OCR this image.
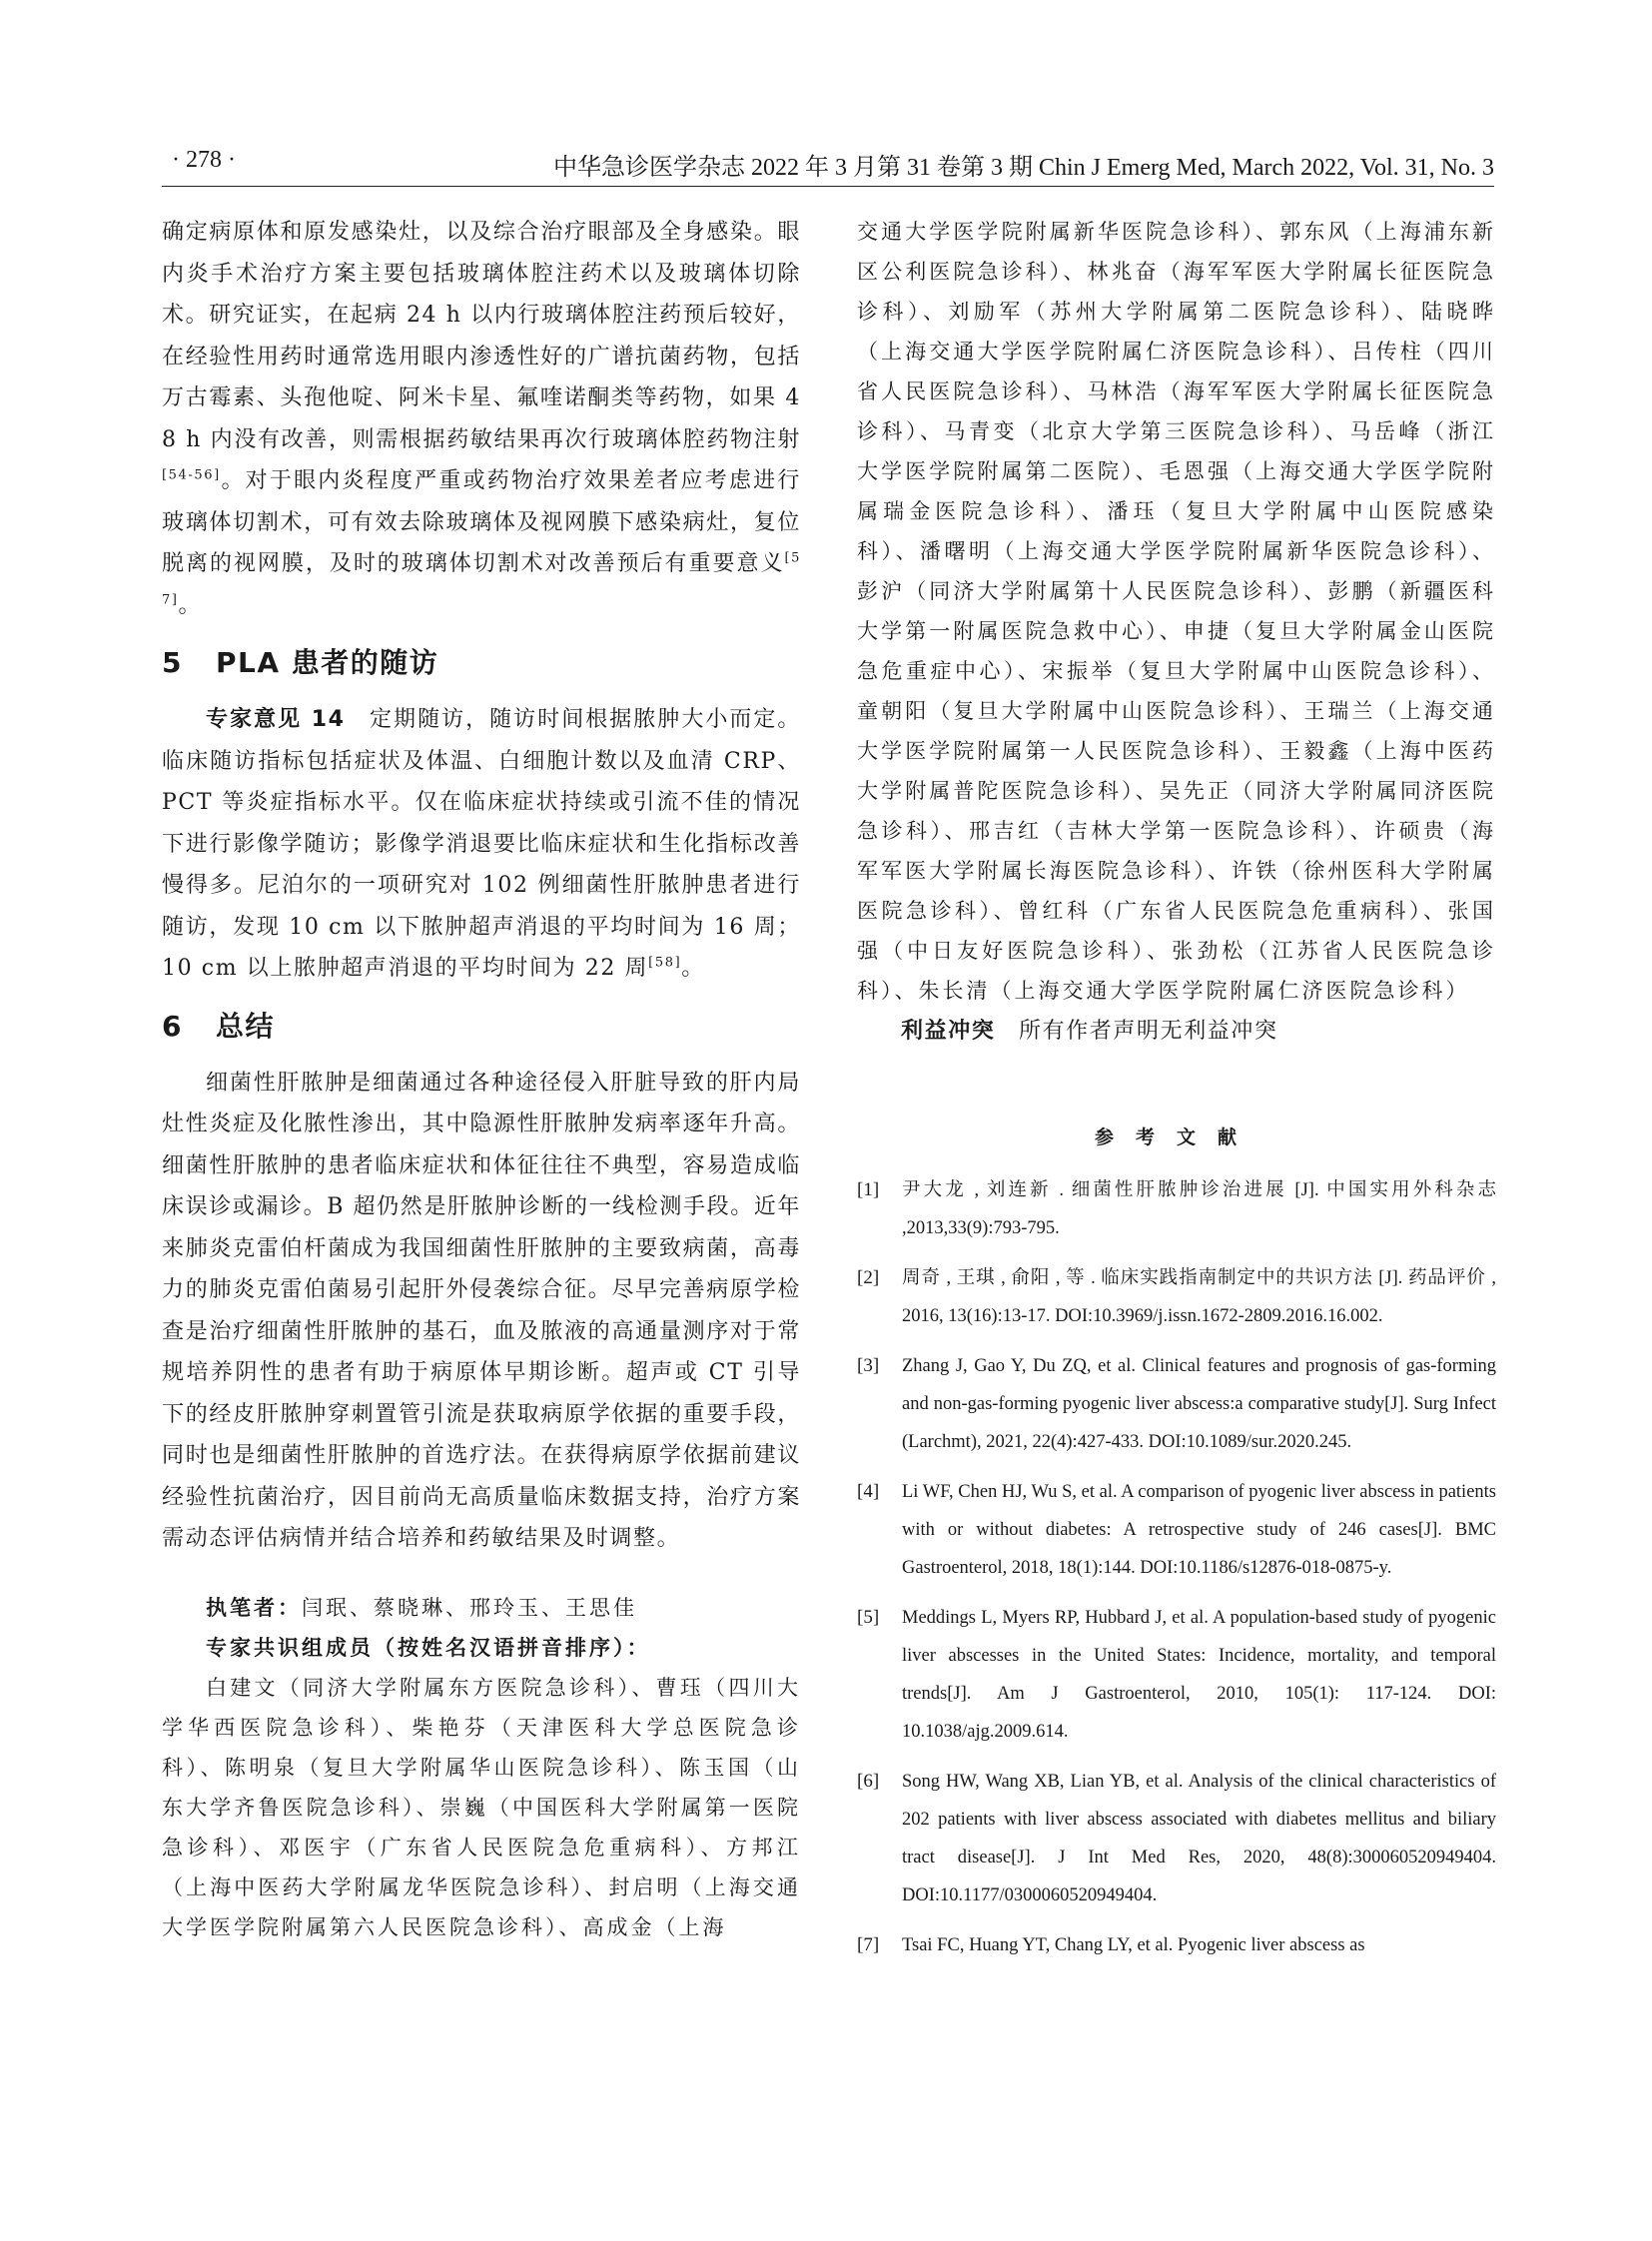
· 278 ·	中华急诊医学杂志 2022 年 3 月第 31 卷第 3 期 Chin J Emerg Med, March 2022, Vol. 31, No. 3

确定病原体和原发感染灶，以及综合治疗眼部及全身感染。眼内炎手术治疗方案主要包括玻璃体腔注药术以及玻璃体切除术。研究证实，在起病 24 h 以内行玻璃体腔注药预后较好，在经验性用药时通常选用眼内渗透性好的广谱抗菌药物，包括万古霉素、头孢他啶、阿米卡星、氟喹诺酮类等药物，如果 48 h 内没有改善，则需根据药敏结果再次行玻璃体腔药物注射[54-56]。对于眼内炎程度严重或药物治疗效果差者应考虑进行玻璃体切割术，可有效去除玻璃体及视网膜下感染病灶，复位脱离的视网膜，及时的玻璃体切割术对改善预后有重要意义[57]。

5 PLA 患者的随访

专家意见 14　定期随访，随访时间根据脓肿大小而定。临床随访指标包括症状及体温、白细胞计数以及血清 CRP、PCT 等炎症指标水平。仅在临床症状持续或引流不佳的情况下进行影像学随访；影像学消退要比临床症状和生化指标改善慢得多。尼泊尔的一项研究对 102 例细菌性肝脓肿患者进行随访，发现 10 cm 以下脓肿超声消退的平均时间为 16 周；10 cm 以上脓肿超声消退的平均时间为 22 周[58]。

6 总结

细菌性肝脓肿是细菌通过各种途径侵入肝脏导致的肝内局灶性炎症及化脓性渗出，其中隐源性肝脓肿发病率逐年升高。细菌性肝脓肿的患者临床症状和体征往往不典型，容易造成临床误诊或漏诊。B 超仍然是肝脓肿诊断的一线检测手段。近年来肺炎克雷伯杆菌成为我国细菌性肝脓肿的主要致病菌，高毒力的肺炎克雷伯菌易引起肝外侵袭综合征。尽早完善病原学检查是治疗细菌性肝脓肿的基石，血及脓液的高通量测序对于常规培养阴性的患者有助于病原体早期诊断。超声或 CT 引导下的经皮肝脓肿穿刺置管引流是获取病原学依据的重要手段，同时也是细菌性肝脓肿的首选疗法。在获得病原学依据前建议经验性抗菌治疗，因目前尚无高质量临床数据支持，治疗方案需动态评估病情并结合培养和药敏结果及时调整。

执笔者：闫珉、蔡晓琳、邢玲玉、王思佳

专家共识组成员（按姓名汉语拼音排序）：

白建文（同济大学附属东方医院急诊科）、曹珏（四川大学华西医院急诊科）、柴艳芬（天津医科大学总医院急诊科）、陈明泉（复旦大学附属华山医院急诊科）、陈玉国（山东大学齐鲁医院急诊科）、崇巍（中国医科大学附属第一医院急诊科）、邓医宇（广东省人民医院急危重病科）、方邦江（上海中医药大学附属龙华医院急诊科）、封启明（上海交通大学医学院附属第六人民医院急诊科）、高成金（上海

交通大学医学院附属新华医院急诊科）、郭东风（上海浦东新区公利医院急诊科）、林兆奋（海军军医大学附属长征医院急诊科）、刘励军（苏州大学附属第二医院急诊科）、陆晓晔（上海交通大学医学院附属仁济医院急诊科）、吕传柱（四川省人民医院急诊科）、马林浩（海军军医大学附属长征医院急诊科）、马青变（北京大学第三医院急诊科）、马岳峰（浙江大学医学院附属第二医院）、毛恩强（上海交通大学医学院附属瑞金医院急诊科）、潘珏（复旦大学附属中山医院感染科）、潘曙明（上海交通大学医学院附属新华医院急诊科）、彭沪（同济大学附属第十人民医院急诊科）、彭鹏（新疆医科大学第一附属医院急救中心）、申捷（复旦大学附属金山医院急危重症中心）、宋振举（复旦大学附属中山医院急诊科）、童朝阳（复旦大学附属中山医院急诊科）、王瑞兰（上海交通大学医学院附属第一人民医院急诊科）、王毅鑫（上海中医药大学附属普陀医院急诊科）、吴先正（同济大学附属同济医院急诊科）、邢吉红（吉林大学第一医院急诊科）、许硕贵（海军军医大学附属长海医院急诊科）、许铁（徐州医科大学附属医院急诊科）、曾红科（广东省人民医院急危重病科）、张国强（中日友好医院急诊科）、张劲松（江苏省人民医院急诊科）、朱长清（上海交通大学医学院附属仁济医院急诊科）

利益冲突　所有作者声明无利益冲突

参考文献
[1]	尹大龙 , 刘连新 . 细菌性肝脓肿诊治进展 [J]. 中国实用外科杂志 ,2013,33(9):793-795.
[2]	周奇 , 王琪 , 俞阳 , 等 . 临床实践指南制定中的共识方法 [J]. 药品评价 , 2016, 13(16):13-17. DOI:10.3969/j.issn.1672-2809.2016.16.002.
[3]	Zhang J, Gao Y, Du ZQ, et al. Clinical features and prognosis of gas-forming and non-gas-forming pyogenic liver abscess:a comparative study[J]. Surg Infect (Larchmt), 2021, 22(4):427-433. DOI:10.1089/sur.2020.245.
[4]	Li WF, Chen HJ, Wu S, et al. A comparison of pyogenic liver abscess in patients with or without diabetes: A retrospective study of 246 cases[J]. BMC Gastroenterol, 2018, 18(1):144. DOI:10.1186/s12876-018-0875-y.
[5]	Meddings L, Myers RP, Hubbard J, et al. A population-based study of pyogenic liver abscesses in the United States: Incidence, mortality, and temporal trends[J]. Am J Gastroenterol, 2010, 105(1): 117-124. DOI: 10.1038/ajg.2009.614.
[6]	Song HW, Wang XB, Lian YB, et al. Analysis of the clinical characteristics of 202 patients with liver abscess associated with diabetes mellitus and biliary tract disease[J]. J Int Med Res, 2020, 48(8):300060520949404. DOI:10.1177/0300060520949404.
[7]	Tsai FC, Huang YT, Chang LY, et al. Pyogenic liver abscess as
